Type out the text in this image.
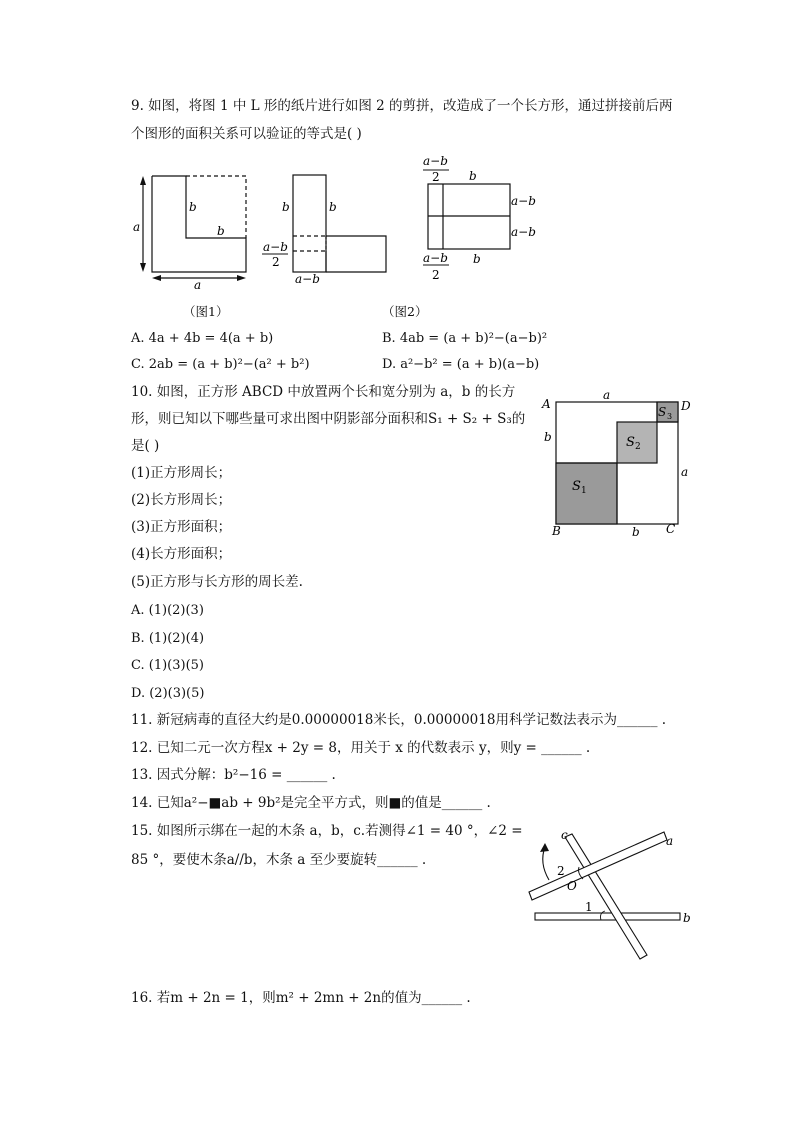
9. 如图，将图 1 中 L 形的纸片进行如图 2 的剪拼，改造成了一个长方形，通过拼接前后两
个图形的面积关系可以验证的等式是( )
a
b
b
a
（图1）
b	b
a−b
2
a−b
a−b
2 b
a−b
a−b
a−b
2
b
（图2）
A. 4a + 4b = 4(a + b)	B. 4ab = (a + b)²−(a−b)²
C. 2ab = (a + b)²−(a² + b²)	D. a²−b² = (a + b)(a−b)
10. 如图，正方形 ABCD 中放置两个长和宽分别为 a，b 的长方
形，则已知以下哪些量可求出图中阴影部分面积和S₁ + S₂ + S₃的
是( )
(1)正方形周长；
(2)长方形周长；
(3)正方形面积；
(4)长方形面积；
(5)正方形与长方形的周长差.
A. (1)(2)(3)
B. (1)(2)(4)
C. (1)(3)(5)
D. (2)(3)(5)
A	D
B	C
a
b
a
b
S 1
S 2
S 3
11. 新冠病毒的直径大约是0.00000018米长，0.00000018用科学记数法表示为______ .
12. 已知二元一次方程x + 2y = 8，用关于 x 的代数表示 y，则y = ______ .
13. 因式分解：b²−16 = ______ .
14. 已知a²−■ab + 9b²是完全平方式，则■的值是______ .
15. 如图所示绑在一起的木条 a，b，c.若测得∠1 = 40 °，∠2 =
85 °，要使木条a//b，木条 a 至少要旋转______ .
c	a
b
O
2
1
16. 若m + 2n = 1，则m² + 2mn + 2n的值为______ .
